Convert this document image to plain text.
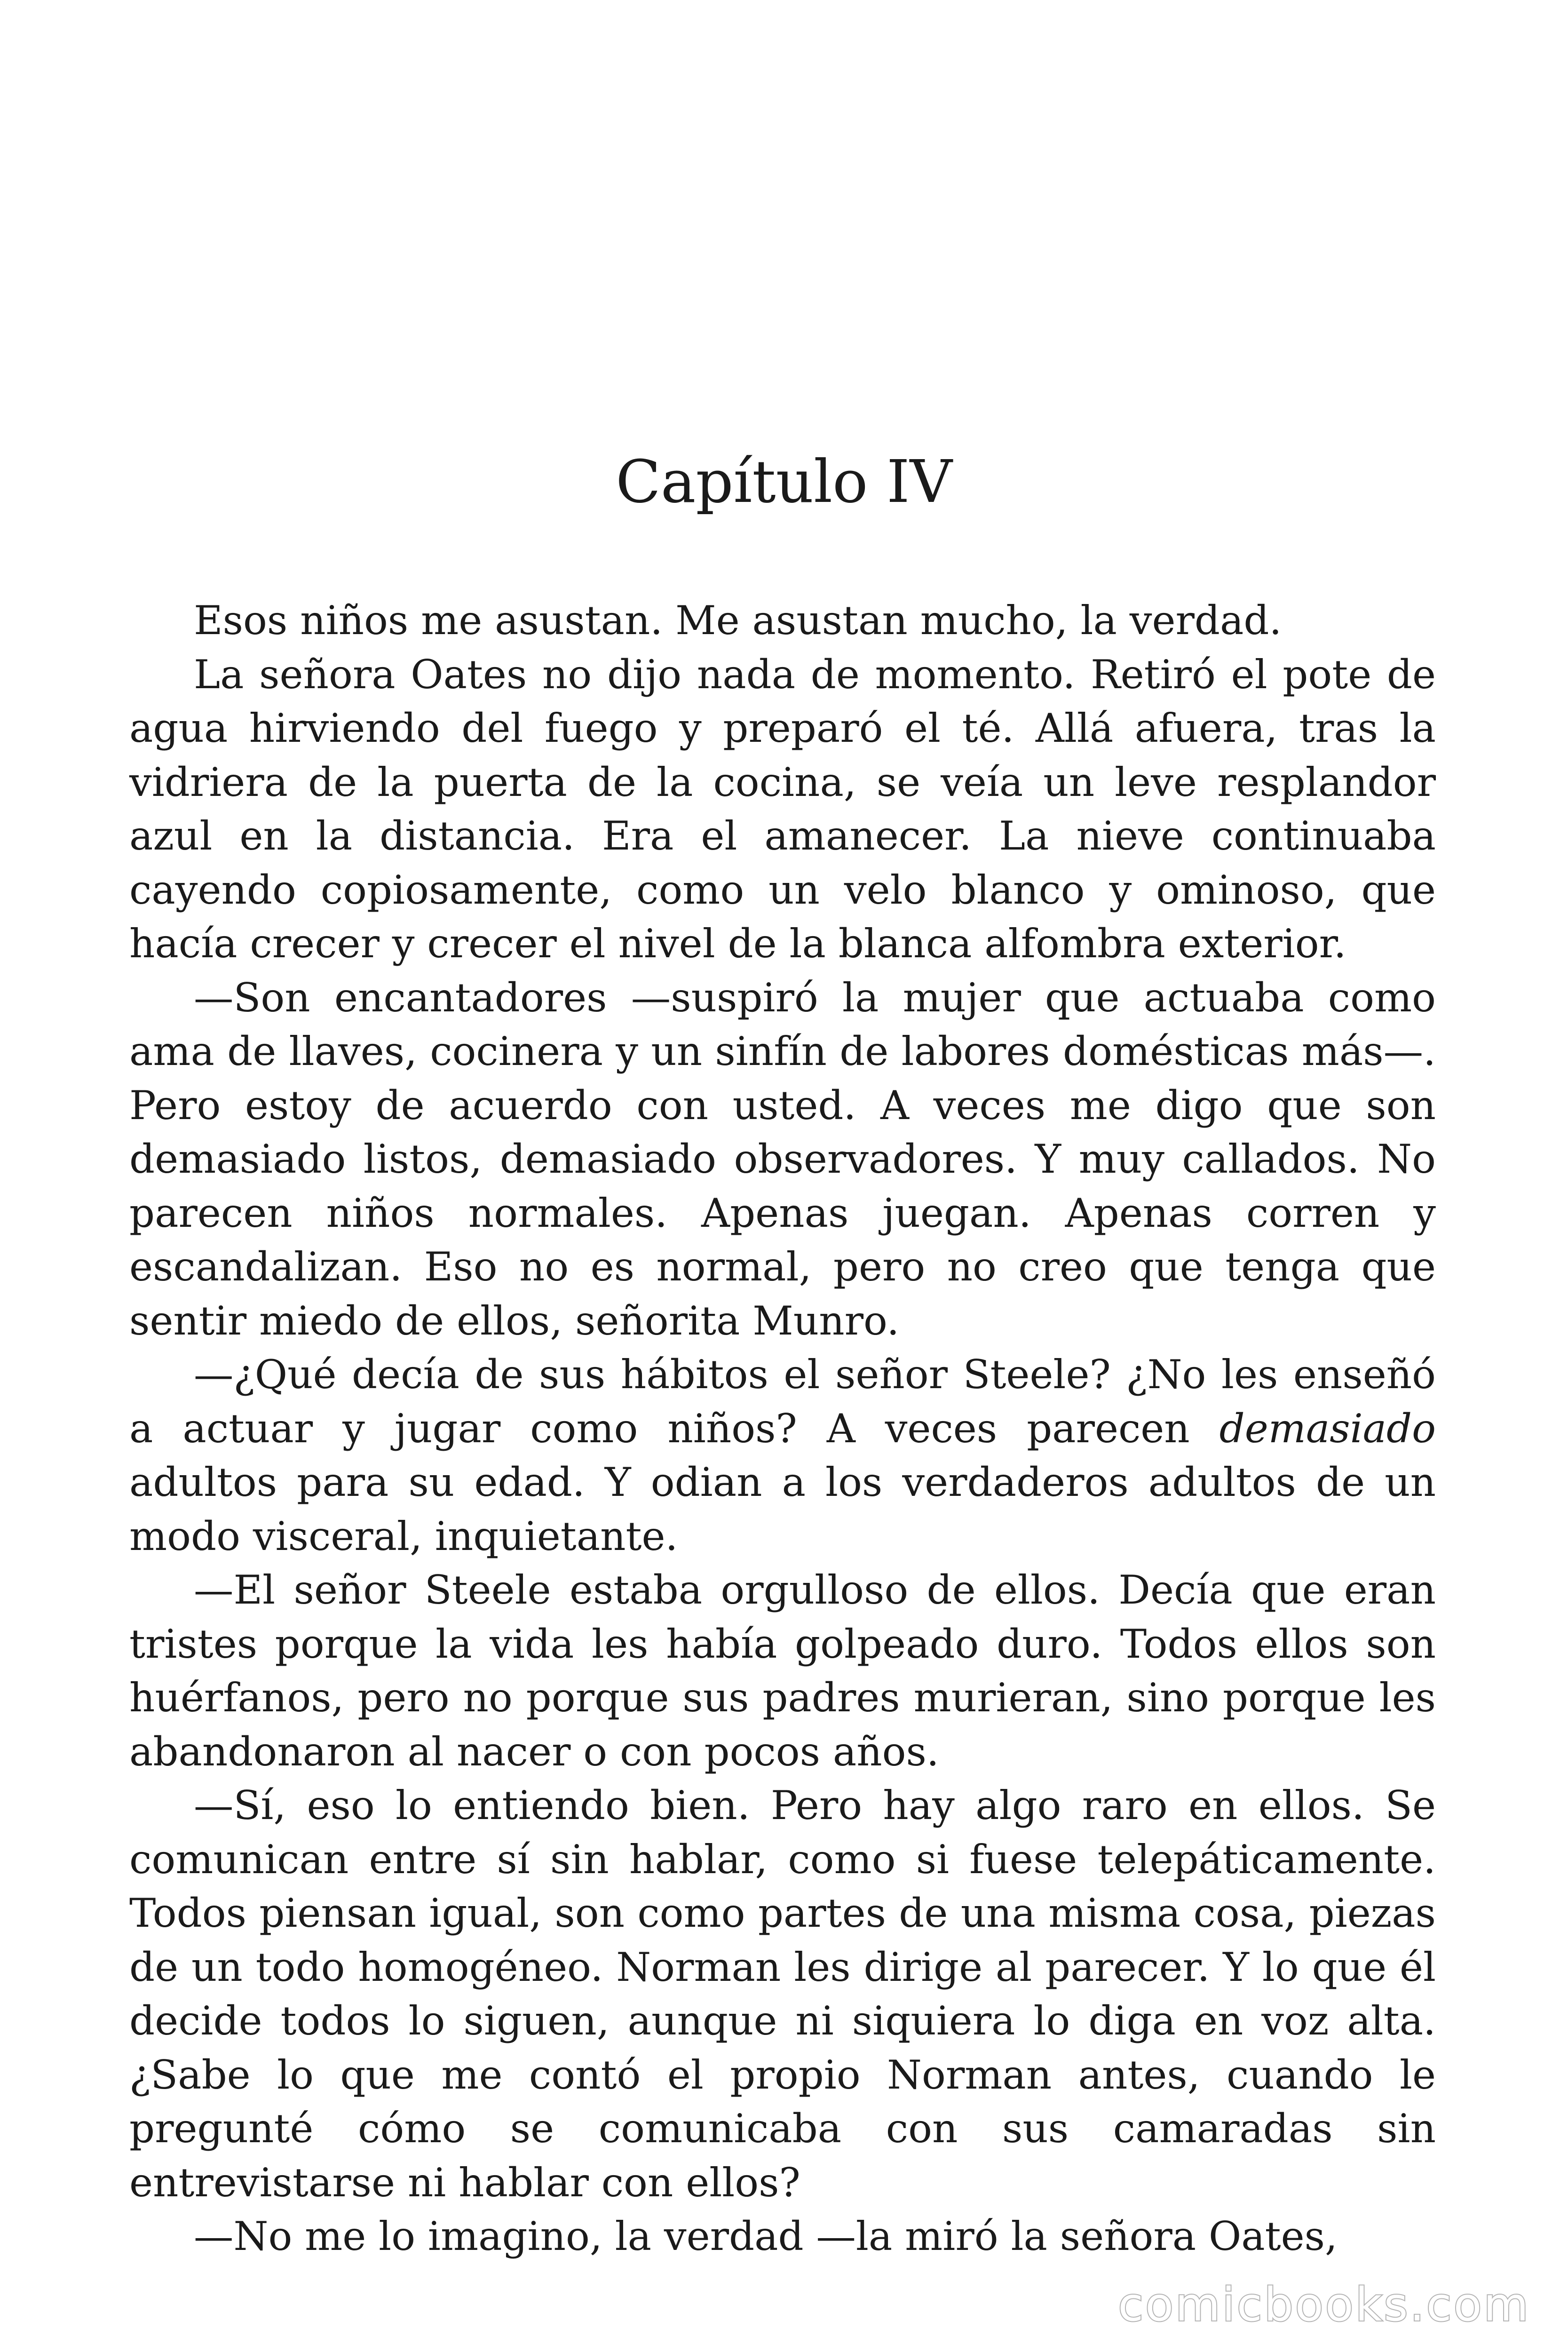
Capítulo IV

Esos niños me asustan. Me asustan mucho, la verdad.

La señora Oates no dijo nada de momento. Retiró el pote de agua hirviendo del fuego y preparó el té. Allá afuera, tras la vidriera de la puerta de la cocina, se veía un leve resplandor azul en la distancia. Era el amanecer. La nieve continuaba cayendo copiosamente, como un velo blanco y ominoso, que hacía crecer y crecer el nivel de la blanca alfombra exterior.

—Son encantadores —suspiró la mujer que actuaba como ama de llaves, cocinera y un sinfín de labores domésticas más—. Pero estoy de acuerdo con usted. A veces me digo que son demasiado listos, demasiado observadores. Y muy callados. No parecen niños normales. Apenas juegan. Apenas corren y escandalizan. Eso no es normal, pero no creo que tenga que sentir miedo de ellos, señorita Munro.

—¿Qué decía de sus hábitos el señor Steele? ¿No les enseñó a actuar y jugar como niños? A veces parecen demasiado adultos para su edad. Y odian a los verdaderos adultos de un modo visceral, inquietante.

—El señor Steele estaba orgulloso de ellos. Decía que eran tristes porque la vida les había golpeado duro. Todos ellos son huérfanos, pero no porque sus padres murieran, sino porque les abandonaron al nacer o con pocos años.

—Sí, eso lo entiendo bien. Pero hay algo raro en ellos. Se comunican entre sí sin hablar, como si fuese telepáticamente. Todos piensan igual, son como partes de una misma cosa, piezas de un todo homogéneo. Norman les dirige al parecer. Y lo que él decide todos lo siguen, aunque ni siquiera lo diga en voz alta. ¿Sabe lo que me contó el propio Norman antes, cuando le pregunté cómo se comunicaba con sus camaradas sin entrevistarse ni hablar con ellos?

—No me lo imagino, la verdad —la miró la señora Oates,

comicbooks.com
